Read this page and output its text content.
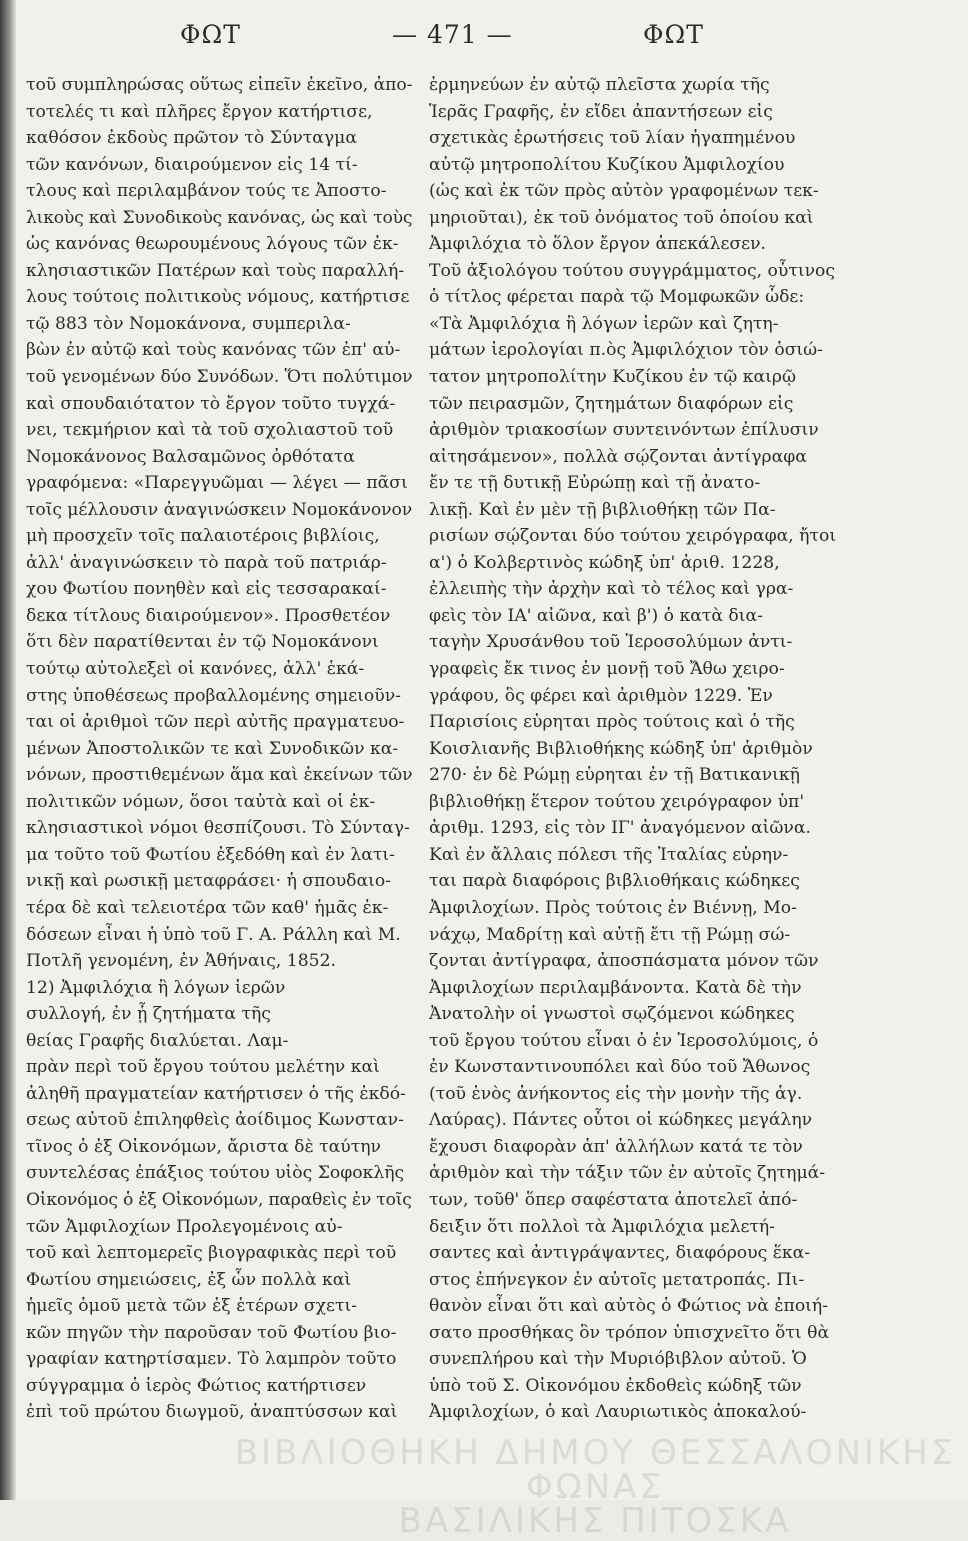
ΦΩΤ	— 471 —	ΦΩΤ
τοῦ συμπληρώσας οὕτως εἰπεῖν ἐκεῖνο, ἀπο-
τοτελές τι καὶ πλῆρες ἔργον κατήρτισε,
καθόσον ἐκδοὺς πρῶτον τὸ Σύνταγμα
τῶν κανόνων, διαιρούμενον εἰς 14 τί-
τλους καὶ περιλαμβάνον τούς τε Ἀποστο-
λικοὺς καὶ Συνοδικοὺς κανόνας, ὡς καὶ τοὺς
ὡς κανόνας θεωρουμένους λόγους τῶν ἐκ-
κλησιαστικῶν Πατέρων καὶ τοὺς παραλλή-
λους τούτοις πολιτικοὺς νόμους, κατήρτισε
τῷ 883 τὸν Νομοκάνονα, συμπεριλα-
βὼν ἐν αὐτῷ καὶ τοὺς κανόνας τῶν ἐπ' αὐ-
τοῦ γενομένων δύο Συνόδων. Ὅτι πολύτιμον
καὶ σπουδαιότατον τὸ ἔργον τοῦτο τυγχά-
νει, τεκμήριον καὶ τὰ τοῦ σχολιαστοῦ τοῦ
Νομοκάνονος Βαλσαμῶνος ὀρθότατα
γραφόμενα: «Παρεγγυῶμαι — λέγει — πᾶσι
τοῖς μέλλουσιν ἀναγινώσκειν Νομοκάνονον
μὴ προσχεῖν τοῖς παλαιοτέροις βιβλίοις,
ἀλλ' ἀναγινώσκειν τὸ παρὰ τοῦ πατριάρ-
χου Φωτίου πονηθὲν καὶ εἰς τεσσαρακαί-
δεκα τίτλους διαιρούμενον». Προσθετέον
ὅτι δὲν παρατίθενται ἐν τῷ Νομοκάνονι
τούτῳ αὐτολεξεὶ οἱ κανόνες, ἀλλ' ἑκά-
στης ὑποθέσεως προβαλλομένης σημειοῦν-
ται οἱ ἀριθμοὶ τῶν περὶ αὐτῆς πραγματευο-
μένων Ἀποστολικῶν τε καὶ Συνοδικῶν κα-
νόνων, προστιθεμένων ἅμα καὶ ἐκείνων τῶν
πολιτικῶν νόμων, ὅσοι ταὐτὰ καὶ οἱ ἐκ-
κλησιαστικοὶ νόμοι θεσπίζουσι. Τὸ Σύνταγ-
μα τοῦτο τοῦ Φωτίου ἐξεδόθη καὶ ἐν λατι-
νικῇ καὶ ρωσικῇ μεταφράσει· ἡ σπουδαιο-
τέρα δὲ καὶ τελειοτέρα τῶν καθ' ἡμᾶς ἐκ-
δόσεων εἶναι ἡ ὑπὸ τοῦ Γ. Α. Ράλλη καὶ Μ.
Ποτλῆ γενομένη, ἐν Ἀθήναις, 1852.
12) Ἀμφιλόχια ἢ λόγων ἱερῶν
συλλογή, ἐν ᾗ ζητήματα τῆς
θείας Γραφῆς διαλύεται. Λαμ-
πρὰν περὶ τοῦ ἔργου τούτου μελέτην καὶ
ἀληθῆ πραγματείαν κατήρτισεν ὁ τῆς ἐκδό-
σεως αὐτοῦ ἐπιληφθεὶς ἀοίδιμος Κωνσταν-
τῖνος ὁ ἐξ Οἰκονόμων, ἄριστα δὲ ταύτην
συντελέσας ἐπάξιος τούτου υἱὸς Σοφοκλῆς
Οἰκονόμος ὁ ἐξ Οἰκονόμων, παραθεὶς ἐν τοῖς
τῶν Ἀμφιλοχίων Προλεγομένοις αὐ-
τοῦ καὶ λεπτομερεῖς βιογραφικὰς περὶ τοῦ
Φωτίου σημειώσεις, ἐξ ὧν πολλὰ καὶ
ἡμεῖς ὁμοῦ μετὰ τῶν ἐξ ἑτέρων σχετι-
κῶν πηγῶν τὴν παροῦσαν τοῦ Φωτίου βιο-
γραφίαν κατηρτίσαμεν. Τὸ λαμπρὸν τοῦτο
σύγγραμμα ὁ ἱερὸς Φώτιος κατήρτισεν
ἐπὶ τοῦ πρώτου διωγμοῦ, ἀναπτύσσων καὶ
ἑρμηνεύων ἐν αὐτῷ πλεῖστα χωρία τῆς
Ἱερᾶς Γραφῆς, ἐν εἴδει ἀπαντήσεων εἰς
σχετικὰς ἐρωτήσεις τοῦ λίαν ἠγαπημένου
αὐτῷ μητροπολίτου Κυζίκου Ἀμφιλοχίου
(ὡς καὶ ἐκ τῶν πρὸς αὐτὸν γραφομένων τεκ-
μηριοῦται), ἐκ τοῦ ὀνόματος τοῦ ὁποίου καὶ
Ἀμφιλόχια τὸ ὅλον ἔργον ἀπεκάλεσεν.
Τοῦ ἀξιολόγου τούτου συγγράμματος, οὗτινος
ὁ τίτλος φέρεται παρὰ τῷ Μομφωκῶν ὧδε:
«Τὰ Ἀμφιλόχια ἢ λόγων ἱερῶν καὶ ζητη-
μάτων ἱερολογίαι π.ὸς Ἀμφιλόχιον τὸν ὁσιώ-
τατον μητροπολίτην Κυζίκου ἐν τῷ καιρῷ
τῶν πειρασμῶν, ζητημάτων διαφόρων εἰς
ἀριθμὸν τριακοσίων συντεινόντων ἐπίλυσιν
αἰτησάμενον», πολλὰ σῴζονται ἀντίγραφα
ἔν τε τῇ δυτικῇ Εὐρώπῃ καὶ τῇ ἀνατο-
λικῇ. Καὶ ἐν μὲν τῇ βιβλιοθήκῃ τῶν Πα-
ρισίων σῴζονται δύο τούτου χειρόγραφα, ἤτοι
α') ὁ Κολβερτινὸς κώδηξ ὑπ' ἀριθ. 1228,
ἐλλειπὴς τὴν ἀρχὴν καὶ τὸ τέλος καὶ γρα-
φεὶς τὸν ΙΑ' αἰῶνα, καὶ β') ὁ κατὰ δια-
ταγὴν Χρυσάνθου τοῦ Ἱεροσολύμων ἀντι-
γραφεὶς ἔκ τινος ἐν μονῇ τοῦ Ἄθω χειρο-
γράφου, ὃς φέρει καὶ ἀριθμὸν 1229. Ἐν
Παρισίοις εὑρηται πρὸς τούτοις καὶ ὁ τῆς
Κοισλιανῆς Βιβλιοθήκης κώδηξ ὑπ' ἀριθμὸν
270· ἐν δὲ Ρώμῃ εὑρηται ἐν τῇ Βατικανικῇ
βιβλιοθήκῃ ἕτερον τούτου χειρόγραφον ὑπ'
ἀριθμ. 1293, εἰς τὸν ΙΓ' ἀναγόμενον αἰῶνα.
Καὶ ἐν ἄλλαις πόλεσι τῆς Ἰταλίας εὑρην-
ται παρὰ διαφόροις βιβλιοθήκαις κώδηκες
Ἀμφιλοχίων. Πρὸς τούτοις ἐν Βιέννῃ, Μο-
νάχῳ, Μαδρίτῃ καὶ αὐτῇ ἔτι τῇ Ρώμῃ σώ-
ζονται ἀντίγραφα, ἀποσπάσματα μόνον τῶν
Ἀμφιλοχίων περιλαμβάνοντα. Κατὰ δὲ τὴν
Ἀνατολὴν οἱ γνωστοὶ σῳζόμενοι κώδηκες
τοῦ ἔργου τούτου εἶναι ὁ ἐν Ἱεροσολύμοις, ὁ
ἐν Κωνσταντινουπόλει καὶ δύο τοῦ Ἄθωνος
(τοῦ ἑνὸς ἀνήκοντος εἰς τὴν μονὴν τῆς ἁγ.
Λαύρας). Πάντες οὗτοι οἱ κώδηκες μεγάλην
ἔχουσι διαφορὰν ἀπ' ἀλλήλων κατά τε τὸν
ἀριθμὸν καὶ τὴν τάξιν τῶν ἐν αὐτοῖς ζητημά-
των, τοῦθ' ὅπερ σαφέστατα ἀποτελεῖ ἀπό-
δειξιν ὅτι πολλοὶ τὰ Ἀμφιλόχια μελετή-
σαντες καὶ ἀντιγράψαντες, διαφόρους ἕκα-
στος ἐπήνεγκον ἐν αὐτοῖς μετατροπάς. Πι-
θανὸν εἶναι ὅτι καὶ αὐτὸς ὁ Φώτιος νὰ ἐποιή-
σατο προσθήκας ὃν τρόπον ὑπισχνεῖτο ὅτι θὰ
συνεπλήρου καὶ τὴν Μυριόβιβλον αὐτοῦ. Ὁ
ὑπὸ τοῦ Σ. Οἰκονόμου ἐκδοθεὶς κώδηξ τῶν
Ἀμφιλοχίων, ὁ καὶ Λαυριωτικὸς ἀποκαλού-
ΒΙΒΛΙΟΘΗΚΗ ΔΗΜΟΥ ΘΕΣΣΑΛΟΝΙΚΗΣ ΦΩΝΑΣ
ΒΑΣΙΛΙΚΗΣ ΠΙΤΟΣΚΑ
